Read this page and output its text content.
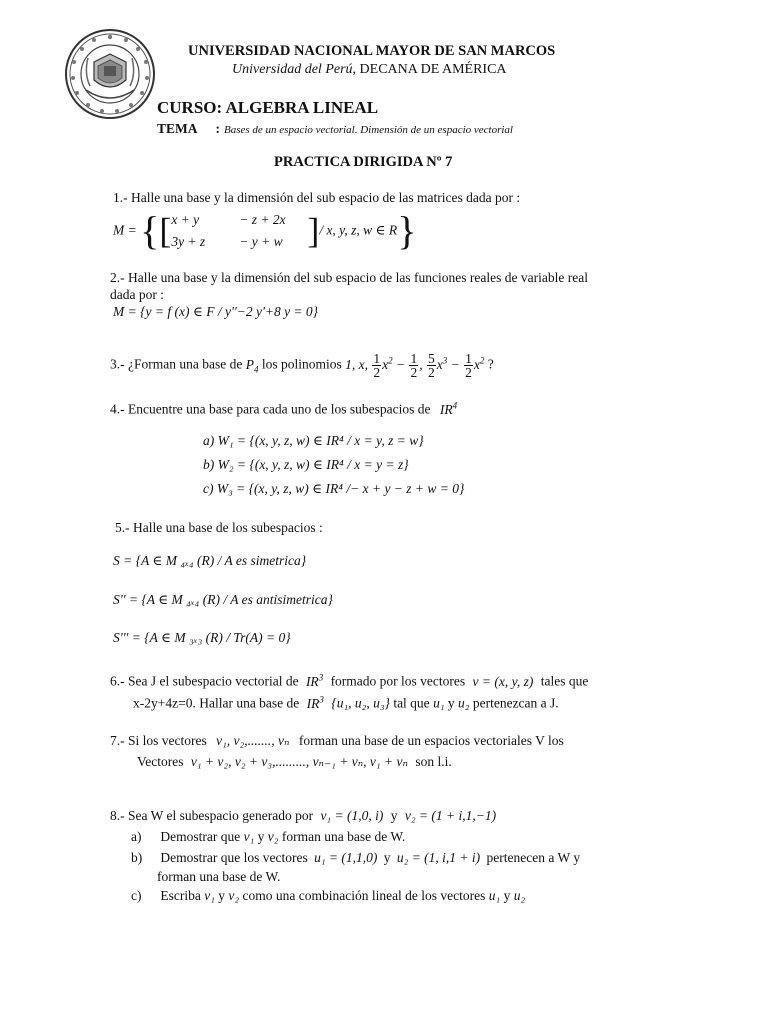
UNIVERSIDAD NACIONAL MAYOR DE SAN MARCOS
Universidad del Perú, DECANA DE AMÉRICA
CURSO: ALGEBRA LINEAL
TEMA : Bases de un espacio vectorial. Dimensión de un espacio vectorial
PRACTICA DIRIGIDA Nº 7
1.- Halle una base y la dimensión del sub espacio de las matrices dada por :
M = {[ x + y	− z + 2x
3y + z	− y + w ]/ x, y, z, w ∈ R}
2.- Halle una base y la dimensión del sub espacio de las funciones reales de variable real
dada por :
M = {y = f (x) ∈ F / y''−2 y'+8 y = 0}
3.- ¿Forman una base de $P_4$ los polinomios 1, x, $\frac{1}{2} x^2 - \frac{1}{2}$ , $\frac{5}{2} x^3 - \frac{1}{2} x^2$ ?
4.- Encuentre una base para cada uno de los subespacios de $IR^4$
a) W₁ = {(x, y, z, w) ∈ IR⁴ / x = y, z = w}
b) W₂ = {(x, y, z, w) ∈ IR⁴ / x = y = z}
c) W₃ = {(x, y, z, w) ∈ IR⁴ /− x + y − z + w = 0}
5.- Halle una base de los subespacios :
S = {A ∈ M ₄ₓ₄ (R) / A es simetrica}
S'' = {A ∈ M ₄ₓ₄ (R) / A es antisimetrica}
S''' = {A ∈ M ₃ₓ₃ (R) / Tr(A) = 0}
6.- Sea J el subespacio vectorial de $IR^3$ formado por los vectores v = (x, y, z) tales que
x-2y+4z=0. Hallar una base de $IR^3$ {u₁, u₂, u₃} tal que u₁ y u₂ pertenezcan a J.
7.- Si los vectores v₁, v₂,......., vₙ forman una base de un espacios vectoriales V los
Vectores v₁ + v₂, v₂ + v₃,........., vₙ₋₁ + vₙ, v₁ + vₙ son l.i.
8.- Sea W el subespacio generado por v₁ = (1,0, i) y v₂ = (1 + i,1,−1)
a) Demostrar que v₁ y v₂ forman una base de W.
b) Demostrar que los vectores u₁ = (1,1,0) y u₂ = (1, i,1 + i) pertenecen a W y
forman una base de W.
c) Escriba v₁ y v₂ como una combinación lineal de los vectores u₁ y u₂
